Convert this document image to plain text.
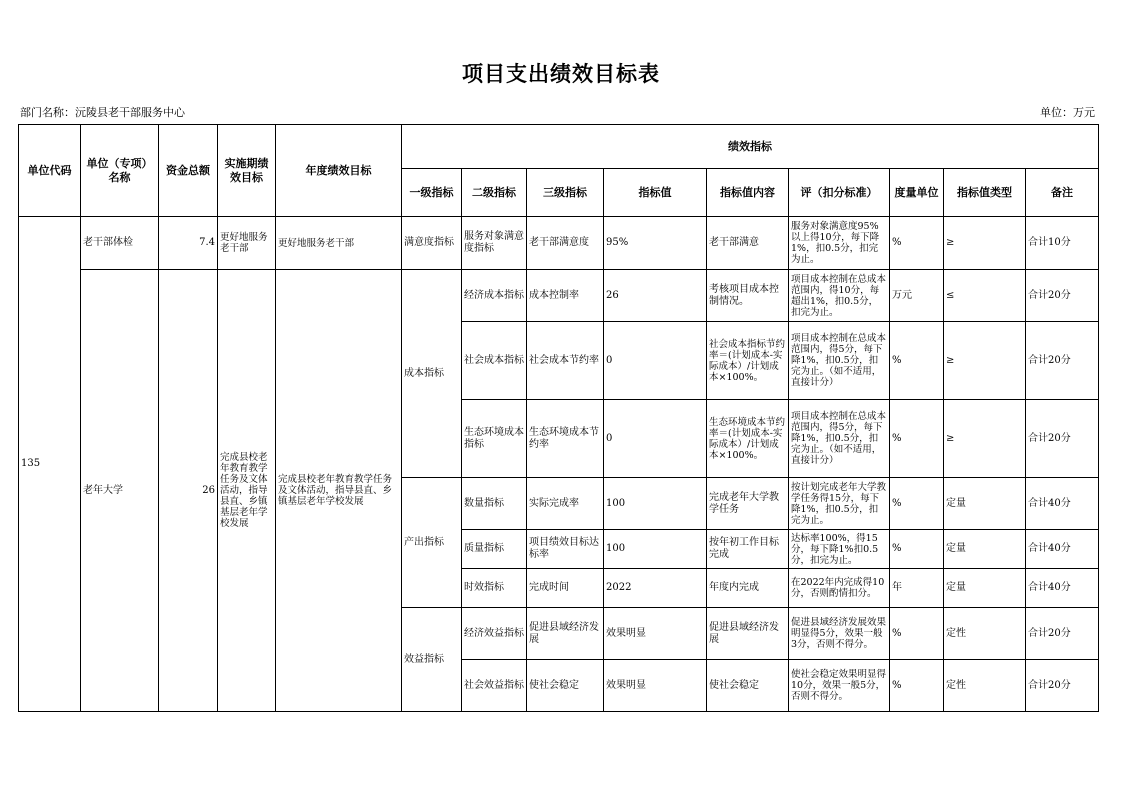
项目支出绩效目标表
部门名称：沅陵县老干部服务中心	单位：万元
单位代码	单位（专项）名称	资金总额	实施期绩效目标	年度绩效目标	绩效指标								
					一级指标	二级指标	三级指标	指标值	指标值内容	评（扣分标准）	度量单位	指标值类型	备注
135	老干部体检	7.4	更好地服务老干部	更好地服务老干部	满意度指标	服务对象满意度指标	老干部满意度	95%	老干部满意	服务对象满意度95%以上得10分，每下降1%，扣0.5分，扣完为止。	%	≥	合计10分
	老年大学	26	完成县校老年教育教学任务及文体活动，指导县直、乡镇基层老年学校发展	完成县校老年教育教学任务及文体活动，指导县直、乡镇基层老年学校发展	成本指标	经济成本指标	成本控制率	26	考核项目成本控制情况。	项目成本控制在总成本范围内，得10分，每超出1%，扣0.5分，扣完为止。	万元	≤	合计20分
						社会成本指标	社会成本节约率	0	社会成本指标节约率＝(计划成本-实际成本）/计划成本×100%。	项目成本控制在总成本范围内，得5分，每下降1%，扣0.5分，扣完为止。（如不适用，直接计分）	%	≥	合计20分
						生态环境成本指标	生态环境成本节约率	0	生态环境成本节约率＝(计划成本-实际成本）/计划成本×100%。	项目成本控制在总成本范围内，得5分，每下降1%，扣0.5分，扣完为止。（如不适用，直接计分）	%	≥	合计20分
					产出指标	数量指标	实际完成率	100	完成老年大学教学任务	按计划完成老年大学教学任务得15分，每下降1%，扣0.5分，扣完为止。	%	定量	合计40分
						质量指标	项目绩效目标达标率	100	按年初工作目标完成	达标率100%，得15分，每下降1%扣0.5分，扣完为止。	%	定量	合计40分
						时效指标	完成时间	2022	年度内完成	在2022年内完成得10分，否则酌情扣分。	年	定量	合计40分
					效益指标	经济效益指标	促进县域经济发展	效果明显	促进县域经济发展	促进县域经济发展效果明显得5分，效果一般3分，否则不得分。	%	定性	合计20分
						社会效益指标	使社会稳定	效果明显	使社会稳定	使社会稳定效果明显得10分，效果一般5分，否则不得分。	%	定性	合计20分
